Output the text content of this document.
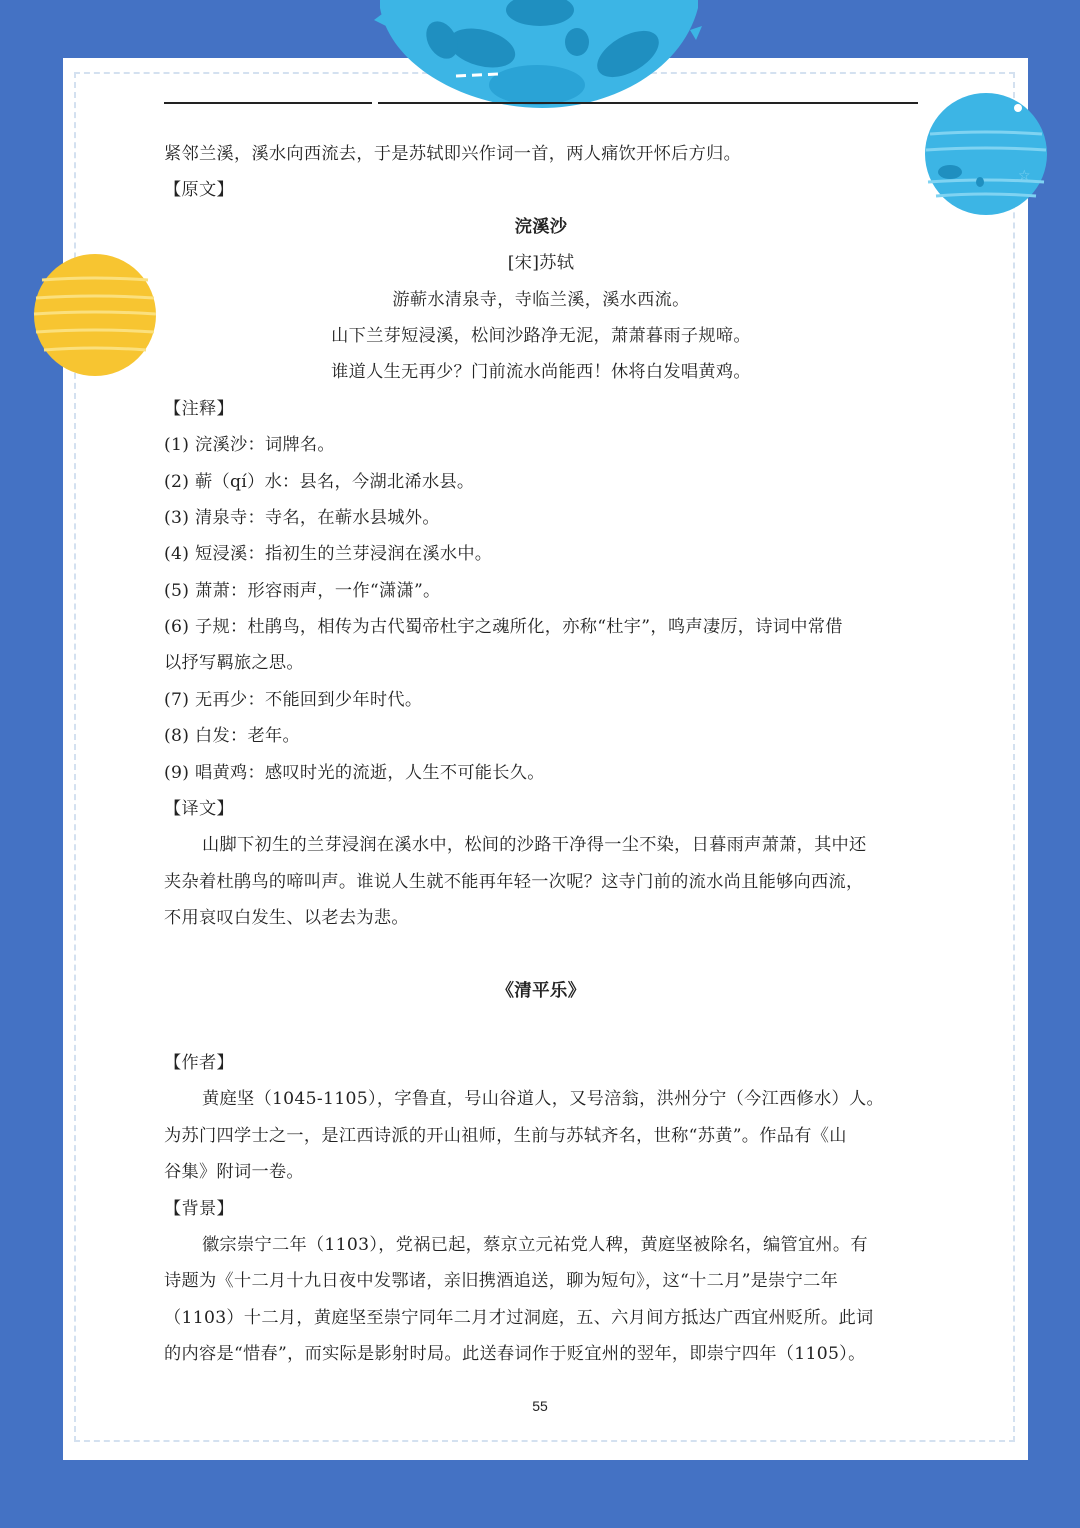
☆
紧邻兰溪，溪水向西流去，于是苏轼即兴作词一首，两人痛饮开怀后方归。
【原文】
浣溪沙
[宋]苏轼
游蕲水清泉寺，寺临兰溪，溪水西流。
山下兰芽短浸溪，松间沙路净无泥，萧萧暮雨子规啼。
谁道人生无再少？门前流水尚能西！休将白发唱黄鸡。
【注释】
(1) 浣溪沙：词牌名。
(2) 蕲（qí）水：县名，今湖北浠水县。
(3) 清泉寺：寺名，在蕲水县城外。
(4) 短浸溪：指初生的兰芽浸润在溪水中。
(5) 萧萧：形容雨声，一作“潇潇”。
(6) 子规：杜鹃鸟，相传为古代蜀帝杜宇之魂所化，亦称“杜宇”，鸣声凄厉，诗词中常借
以抒写羁旅之思。
(7) 无再少：不能回到少年时代。
(8) 白发：老年。
(9) 唱黄鸡：感叹时光的流逝，人生不可能长久。
【译文】
山脚下初生的兰芽浸润在溪水中，松间的沙路干净得一尘不染，日暮雨声萧萧，其中还
夹杂着杜鹃鸟的啼叫声。谁说人生就不能再年轻一次呢？这寺门前的流水尚且能够向西流，
不用哀叹白发生、以老去为悲。
《清平乐》
【作者】
黄庭坚（1045-1105），字鲁直，号山谷道人，又号涪翁，洪州分宁（今江西修水）人。
为苏门四学士之一，是江西诗派的开山祖师，生前与苏轼齐名，世称“苏黄”。作品有《山
谷集》附词一卷。
【背景】
徽宗崇宁二年（1103），党祸已起，蔡京立元祐党人稗，黄庭坚被除名，编管宜州。有
诗题为《十二月十九日夜中发鄂诸，亲旧携酒追送，聊为短句》，这“十二月”是崇宁二年
（1103）十二月，黄庭坚至崇宁同年二月才过洞庭，五、六月间方抵达广西宜州贬所。此词
的内容是“惜春”，而实际是影射时局。此送春词作于贬宜州的翌年，即崇宁四年（1105）。
55
